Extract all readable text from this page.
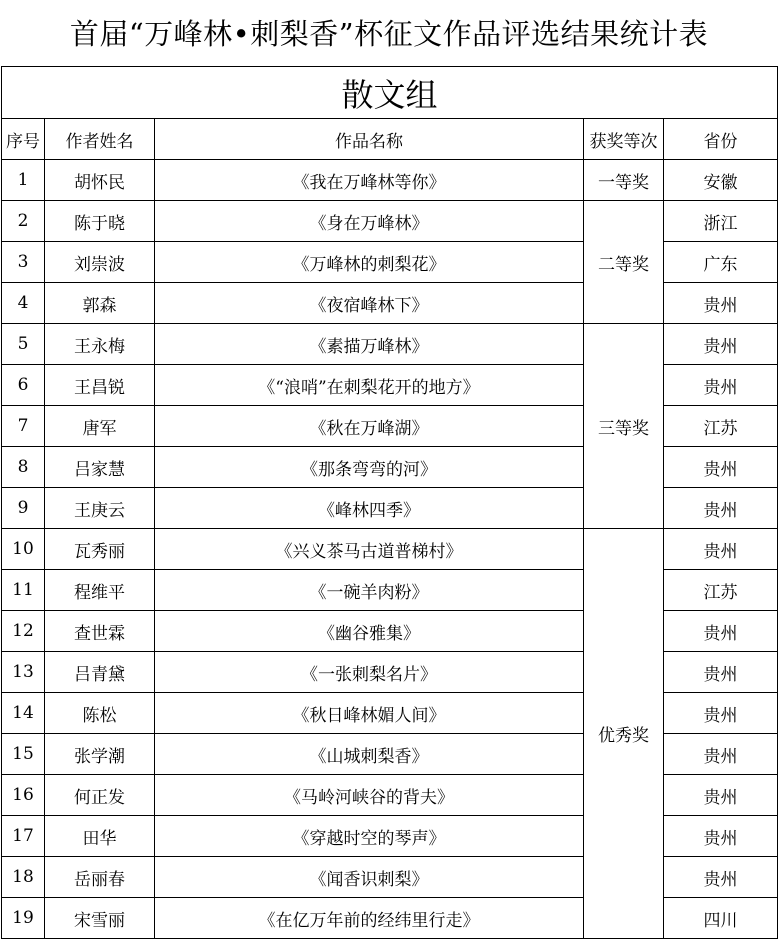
首届“万峰林•刺梨香”杯征文作品评选结果统计表
散文组				
序号	作者姓名	作品名称	获奖等次	省份
1	胡怀民	《我在万峰林等你》	一等奖	安徽
2	陈于晓	《身在万峰林》	二等奖	浙江
3	刘崇波	《万峰林的刺梨花》		广东
4	郭森	《夜宿峰林下》		贵州
5	王永梅	《素描万峰林》	三等奖	贵州
6	王昌锐	《“浪哨”在刺梨花开的地方》		贵州
7	唐军	《秋在万峰湖》		江苏
8	吕家慧	《那条弯弯的河》		贵州
9	王庚云	《峰林四季》		贵州
10	瓦秀丽	《兴义茶马古道普梯村》	优秀奖	贵州
11	程维平	《一碗羊肉粉》		江苏
12	查世霖	《幽谷雅集》		贵州
13	吕青黛	《一张刺梨名片》		贵州
14	陈松	《秋日峰林媚人间》		贵州
15	张学潮	《山城刺梨香》		贵州
16	何正发	《马岭河峡谷的背夫》		贵州
17	田华	《穿越时空的琴声》		贵州
18	岳丽春	《闻香识刺梨》		贵州
19	宋雪丽	《在亿万年前的经纬里行走》		四川
